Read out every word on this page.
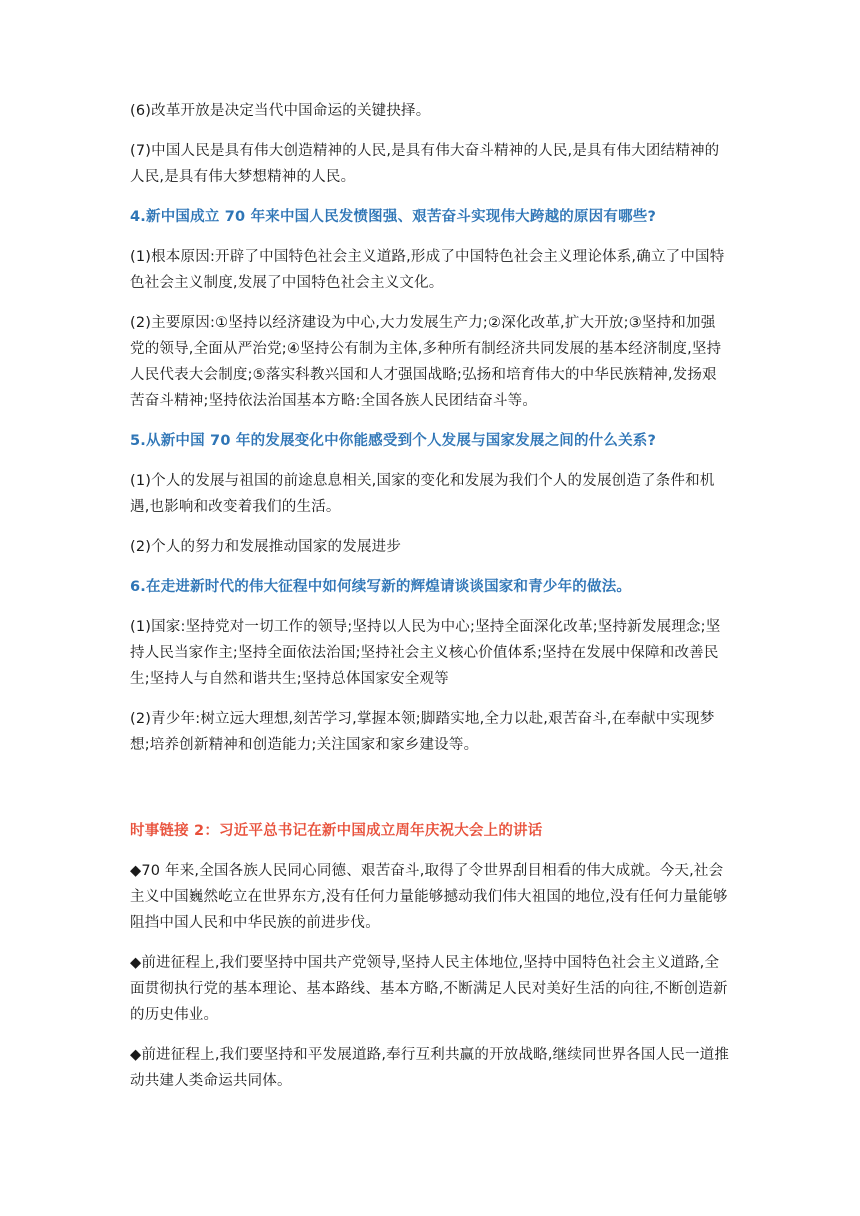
(6)改革开放是决定当代中国命运的关键抉择。

(7)中国人民是具有伟大创造精神的人民,是具有伟大奋斗精神的人民,是具有伟大团结精神的人民,是具有伟大梦想精神的人民。

4.新中国成立 70 年来中国人民发愤图强、艰苦奋斗实现伟大跨越的原因有哪些?

(1)根本原因:开辟了中国特色社会主义道路,形成了中国特色社会主义理论体系,确立了中国特色社会主义制度,发展了中国特色社会主义文化。

(2)主要原因:①坚持以经济建设为中心,大力发展生产力;②深化改革,扩大开放;③坚持和加强党的领导,全面从严治党;④坚持公有制为主体,多种所有制经济共同发展的基本经济制度,坚持人民代表大会制度;⑤落实科教兴国和人才强国战略;弘扬和培育伟大的中华民族精神,发扬艰苦奋斗精神;坚持依法治国基本方略:全国各族人民团结奋斗等。

5.从新中国 70 年的发展变化中你能感受到个人发展与国家发展之间的什么关系?

(1)个人的发展与祖国的前途息息相关,国家的变化和发展为我们个人的发展创造了条件和机遇,也影响和改变着我们的生活。

(2)个人的努力和发展推动国家的发展进步

6.在走进新时代的伟大征程中如何续写新的辉煌请谈谈国家和青少年的做法。

(1)国家:坚持党对一切工作的领导;坚持以人民为中心;坚持全面深化改革;坚持新发展理念;坚持人民当家作主;坚持全面依法治国;坚持社会主义核心价值体系;坚持在发展中保障和改善民生;坚持人与自然和谐共生;坚持总体国家安全观等

(2)青少年:树立远大理想,刻苦学习,掌握本领;脚踏实地,全力以赴,艰苦奋斗,在奉献中实现梦想;培养创新精神和创造能力;关注国家和家乡建设等。

时事链接 2：习近平总书记在新中国成立周年庆祝大会上的讲话

◆70 年来,全国各族人民同心同德、艰苦奋斗,取得了令世界刮目相看的伟大成就。今天,社会主义中国巍然屹立在世界东方,没有任何力量能够撼动我们伟大祖国的地位,没有任何力量能够阻挡中国人民和中华民族的前进步伐。

◆前进征程上,我们要坚持中国共产党领导,坚持人民主体地位,坚持中国特色社会主义道路,全面贯彻执行党的基本理论、基本路线、基本方略,不断满足人民对美好生活的向往,不断创造新的历史伟业。

◆前进征程上,我们要坚持和平发展道路,奉行互利共赢的开放战略,继续同世界各国人民一道推动共建人类命运共同体。
